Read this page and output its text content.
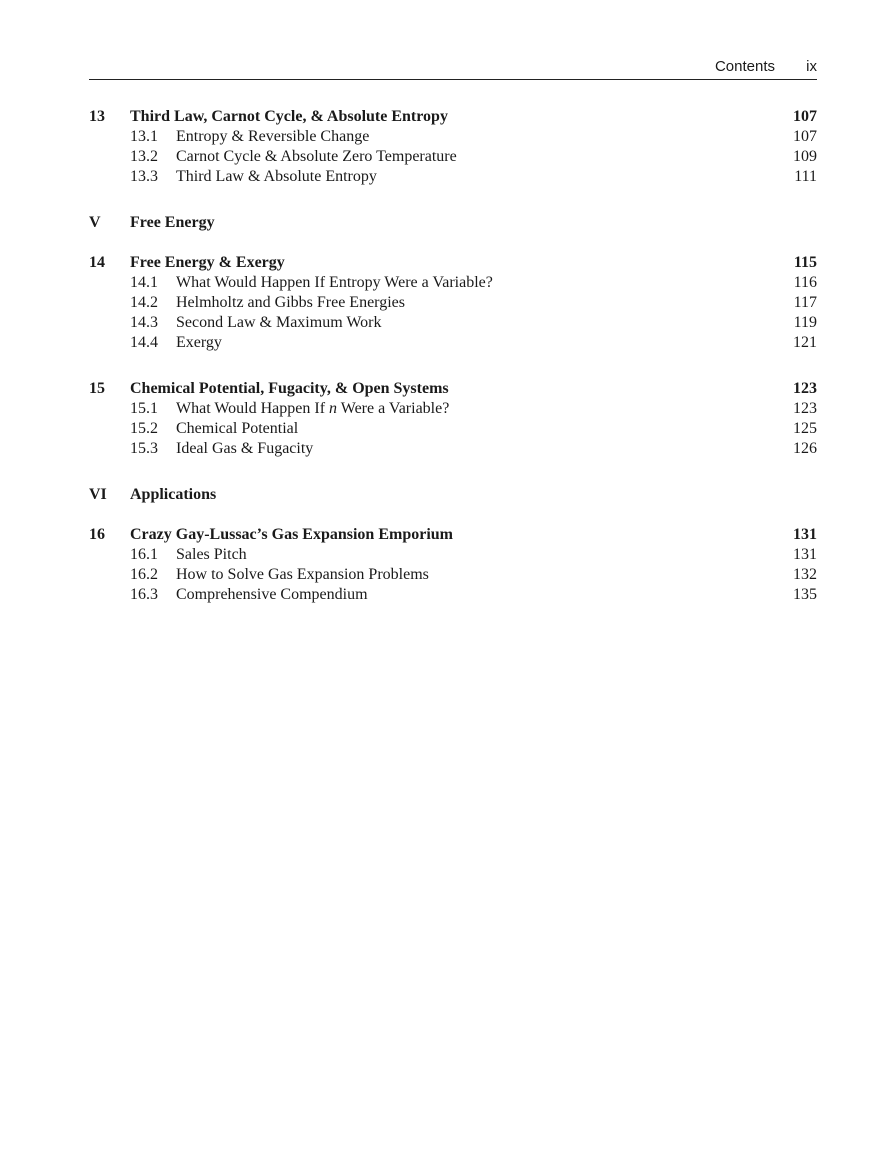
Contents ix
13 Third Law, Carnot Cycle, & Absolute Entropy	107
13.1 Entropy & Reversible Change	107
13.2 Carnot Cycle & Absolute Zero Temperature	109
13.3 Third Law & Absolute Entropy	111
V Free Energy
14 Free Energy & Exergy	115
14.1 What Would Happen If Entropy Were a Variable?	116
14.2 Helmholtz and Gibbs Free Energies	117
14.3 Second Law & Maximum Work	119
14.4 Exergy	121
15 Chemical Potential, Fugacity, & Open Systems	123
15.1 What Would Happen If n Were a Variable?	123
15.2 Chemical Potential	125
15.3 Ideal Gas & Fugacity	126
VI Applications
16 Crazy Gay-Lussac’s Gas Expansion Emporium	131
16.1 Sales Pitch	131
16.2 How to Solve Gas Expansion Problems	132
16.3 Comprehensive Compendium	135
